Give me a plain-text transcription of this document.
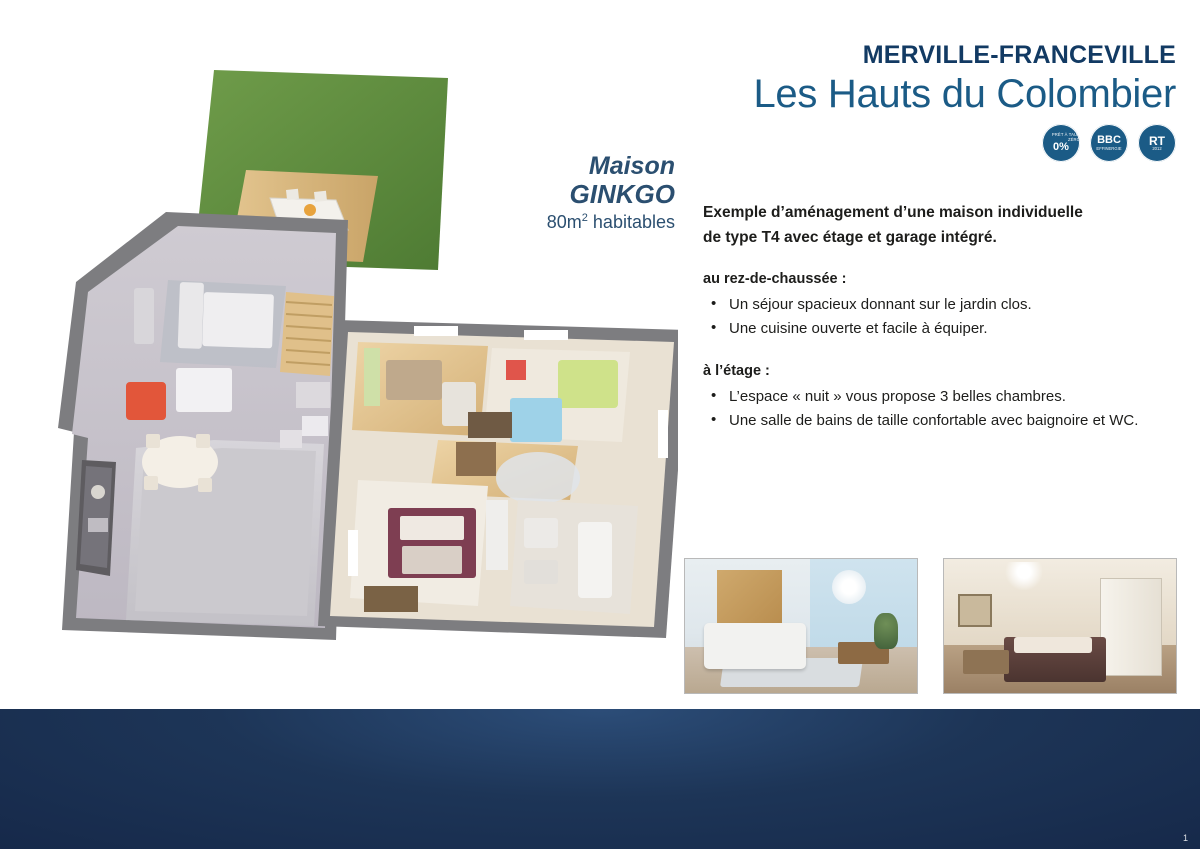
MERVILLE-FRANCEVILLE
Les Hauts du Colombier
PRÊT À TAUX ZÉRO
0%
BBC
EFFINERGIE
RT
2012
Maison
GINKGO
$80m^2$ habitables Exemple d’aménagement d’une maison individuelle
de type T4 avec étage et garage intégré.

au rez-de-chaussée :
• Un séjour spacieux donnant sur le jardin clos.
• Une cuisine ouverte et facile à équiper.
à l’étage :
• L’espace « nuit » vous propose 3 belles chambres.
• Une salle de bains de taille confortable avec baignoire et WC.
1
